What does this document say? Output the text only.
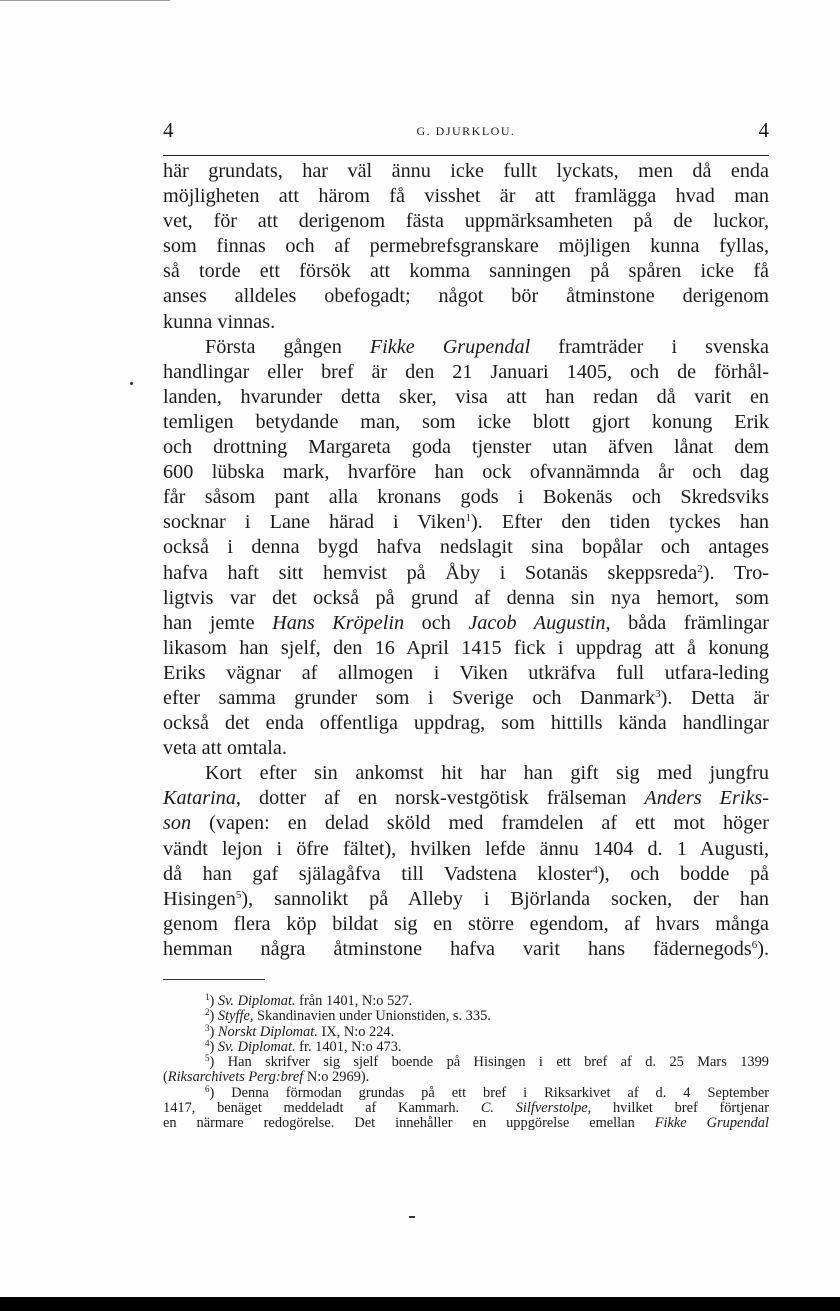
4	G. DJURKLOU.	4

här grundats, har väl ännu icke fullt lyckats, men då enda
möjligheten att härom få visshet är att framlägga hvad man
vet, för att derigenom fästa uppmärksamheten på de luckor,
som finnas och af permebrefsgranskare möjligen kunna fyllas,
så torde ett försök att komma sanningen på spåren icke få
anses alldeles obefogadt; något bör åtminstone derigenom
kunna vinnas.

Första gången Fikke Grupendal framträder i svenska
handlingar eller bref är den 21 Januari 1405, och de förhål-
landen, hvarunder detta sker, visa att han redan då varit en
temligen betydande man, som icke blott gjort konung Erik
och drottning Margareta goda tjenster utan äfven lånat dem
600 lübska mark, hvarföre han ock ofvannämnda år och dag
får såsom pant alla kronans gods i Bokenäs och Skredsviks
socknar i Lane härad i Viken$^1$). Efter den tiden tyckes han
också i denna bygd hafva nedslagit sina bopålar och antages
hafva haft sitt hemvist på Åby i Sotanäs skeppsreda$^2$). Tro-
ligtvis var det också på grund af denna sin nya hemort, som
han jemte Hans Kröpelin och Jacob Augustin, båda främlingar
likasom han sjelf, den 16 April 1415 fick i uppdrag att å konung
Eriks vägnar af allmogen i Viken utkräfva full utfara-leding
efter samma grunder som i Sverige och Danmark$^3$). Detta är
också det enda offentliga uppdrag, som hittills kända handlingar
veta att omtala.

Kort efter sin ankomst hit har han gift sig med jungfru
Katarina, dotter af en norsk-vestgötisk frälseman Anders Eriks-
son (vapen: en delad sköld med framdelen af ett mot höger
vändt lejon i öfre fältet), hvilken lefde ännu 1404 d. 1 Augusti,
då han gaf själagåfva till Vadstena kloster$^4$), och bodde på
Hisingen$^5$), sannolikt på Alleby i Björlanda socken, der han
genom flera köp bildat sig en större egendom, af hvars många
hemman några åtminstone hafva varit hans fädernegods$^6$).

$^1$) Sv. Diplomat. från 1401, N:o 527.
$^2$) Styffe, Skandinavien under Unionstiden, s. 335.
$^3$) Norskt Diplomat. IX, N:o 224.
$^4$) Sv. Diplomat. fr. 1401, N:o 473.
$^5$) Han skrifver sig sjelf boende på Hisingen i ett bref af d. 25 Mars 1399
(Riksarchivets Perg:bref N:o 2969).
$^6$) Denna förmodan grundas på ett bref i Riksarkivet af d. 4 September
1417, benäget meddeladt af Kammarh. C. Silfverstolpe, hvilket bref förtjenar
en närmare redogörelse. Det innehåller en uppgörelse emellan Fikke Grupendal
